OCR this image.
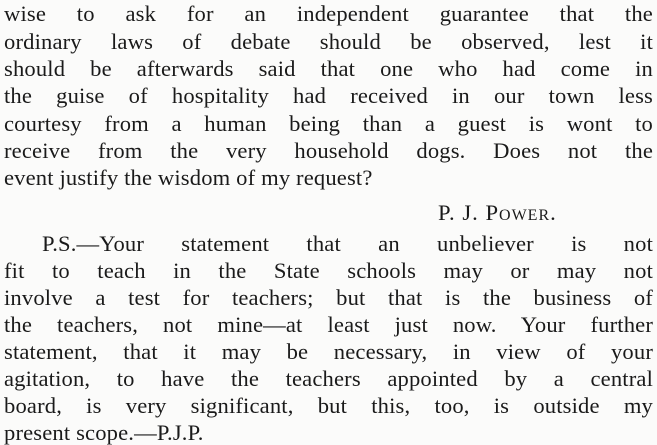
wise to ask for an independent guarantee that the
ordinary laws of debate should be observed, lest it
should be afterwards said that one who had come in
the guise of hospitality had received in our town less
courtesy from a human being than a guest is wont to
receive from the very household dogs. Does not the
event justify the wisdom of my request?
P. J. Power.
P.S.—Your statement that an unbeliever is not
fit to teach in the State schools may or may not
involve a test for teachers; but that is the business of
the teachers, not mine—at least just now. Your further
statement, that it may be necessary, in view of your
agitation, to have the teachers appointed by a central
board, is very significant, but this, too, is outside my
present scope.—P.J.P.
